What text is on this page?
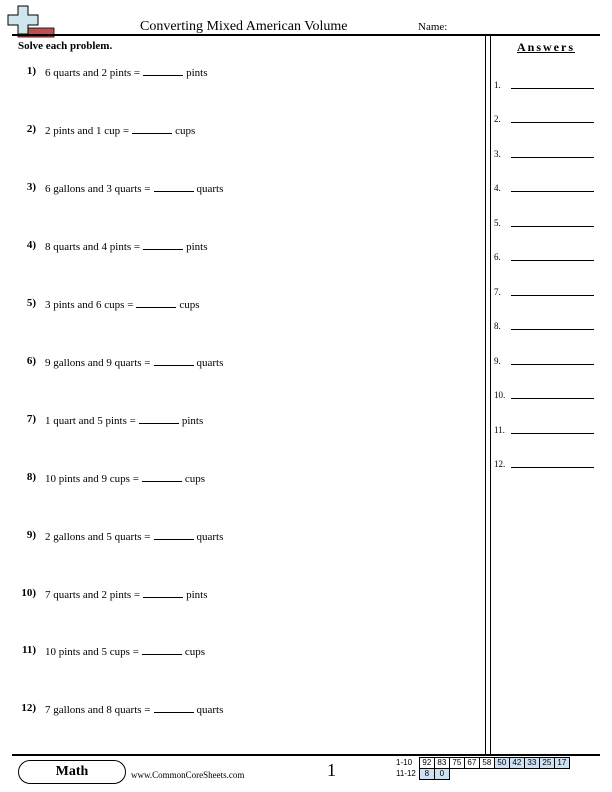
Converting Mixed American Volume	Name:
Solve each problem.
1) 6 quarts and 2 pints =	pints
2) 2 pints and 1 cup =	cups
3) 6 gallons and 3 quarts =	quarts
4) 8 quarts and 4 pints =	pints
5) 3 pints and 6 cups =	cups
6) 9 gallons and 9 quarts =	quarts
7) 1 quart and 5 pints =	pints
8) 10 pints and 9 cups =	cups
9) 2 gallons and 5 quarts =	quarts
10) 7 quarts and 2 pints =	pints
11) 10 pints and 5 cups =	cups
12) 7 gallons and 8 quarts =	quarts
Answers
1.
2.
3.
4.
5.
6.
7.
8.
9.
10.
11.
12.
Math	www.CommonCoreSheets.com	1	1-10	92	83	75	67	58	50	42	33	25	17
11-12	8	0								
